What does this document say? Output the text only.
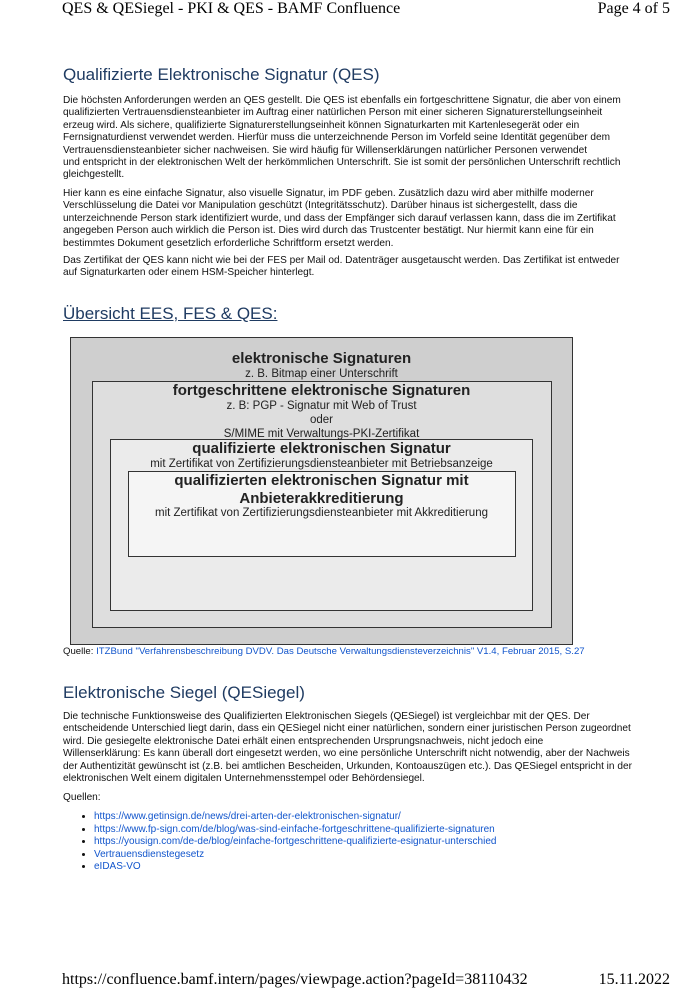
QES & QESiegel - PKI & QES - BAMF Confluence	Page 4 of 5
Qualifizierte Elektronische Signatur (QES)
Die höchsten Anforderungen werden an QES gestellt. Die QES ist ebenfalls ein fortgeschrittene Signatur, die aber von einem
qualifizierten Vertrauensdiensteanbieter im Auftrag einer natürlichen Person mit einer sicheren Signaturerstellungseinheit
erzeug wird. Als sichere, qualifizierte Signaturerstellungseinheit können Signaturkarten mit Kartenlesegerät oder ein
Fernsignaturdienst verwendet werden. Hierfür muss die unterzeichnende Person im Vorfeld seine Identität gegenüber dem
Vertrauensdiensteanbieter sicher nachweisen. Sie wird häufig für Willenserklärungen natürlicher Personen verwendet
und entspricht in der elektronischen Welt der herkömmlichen Unterschrift. Sie ist somit der persönlichen Unterschrift rechtlich
gleichgestellt.
Hier kann es eine einfache Signatur, also visuelle Signatur, im PDF geben. Zusätzlich dazu wird aber mithilfe moderner
Verschlüsselung die Datei vor Manipulation geschützt (Integritätsschutz). Darüber hinaus ist sichergestellt, dass die
unterzeichnende Person stark identifiziert wurde, und dass der Empfänger sich darauf verlassen kann, dass die im Zertifikat
angegeben Person auch wirklich die Person ist. Dies wird durch das Trustcenter bestätigt. Nur hiermit kann eine für ein
bestimmtes Dokument gesetzlich erforderliche Schriftform ersetzt werden.
Das Zertifikat der QES kann nicht wie bei der FES per Mail od. Datenträger ausgetauscht werden. Das Zertifikat ist entweder
auf Signaturkarten oder einem HSM-Speicher hinterlegt.
Übersicht EES, FES & QES:
elektronische Signaturen
z. B. Bitmap einer Unterschrift
fortgeschrittene elektronische Signaturen
z. B: PGP - Signatur mit Web of Trust
oder
S/MIME mit Verwaltungs-PKI-Zertifikat
qualifizierte elektronischen Signatur
mit Zertifikat von Zertifizierungsdiensteanbieter mit Betriebsanzeige
qualifizierten elektronischen Signatur mit
Anbieterakkreditierung
mit Zertifikat von Zertifizierungsdiensteanbieter mit Akkreditierung
Quelle: ITZBund "Verfahrensbeschreibung DVDV. Das Deutsche Verwaltungsdiensteverzeichnis" V1.4, Februar 2015, S.27
Elektronische Siegel (QESiegel)
Die technische Funktionsweise des Qualifizierten Elektronischen Siegels (QESiegel) ist vergleichbar mit der QES. Der
entscheidende Unterschied liegt darin, dass ein QESiegel nicht einer natürlichen, sondern einer juristischen Person zugeordnet
wird. Die gesiegelte elektronische Datei erhält einen entsprechenden Ursprungsnachweis, nicht jedoch eine
Willenserklärung: Es kann überall dort eingesetzt werden, wo eine persönliche Unterschrift nicht notwendig, aber der Nachweis
der Authentizität gewünscht ist (z.B. bei amtlichen Bescheiden, Urkunden, Kontoauszügen etc.). Das QESiegel entspricht in der
elektronischen Welt einem digitalen Unternehmensstempel oder Behördensiegel.
Quellen:
• https://www.getinsign.de/news/drei-arten-der-elektronischen-signatur/
• https://www.fp-sign.com/de/blog/was-sind-einfache-fortgeschrittene-qualifizierte-signaturen
• https://yousign.com/de-de/blog/einfache-fortgeschrittene-qualifizierte-esignatur-unterschied
• Vertrauensdienstegesetz
• eIDAS-VO
https://confluence.bamf.intern/pages/viewpage.action?pageId=38110432	15.11.2022
